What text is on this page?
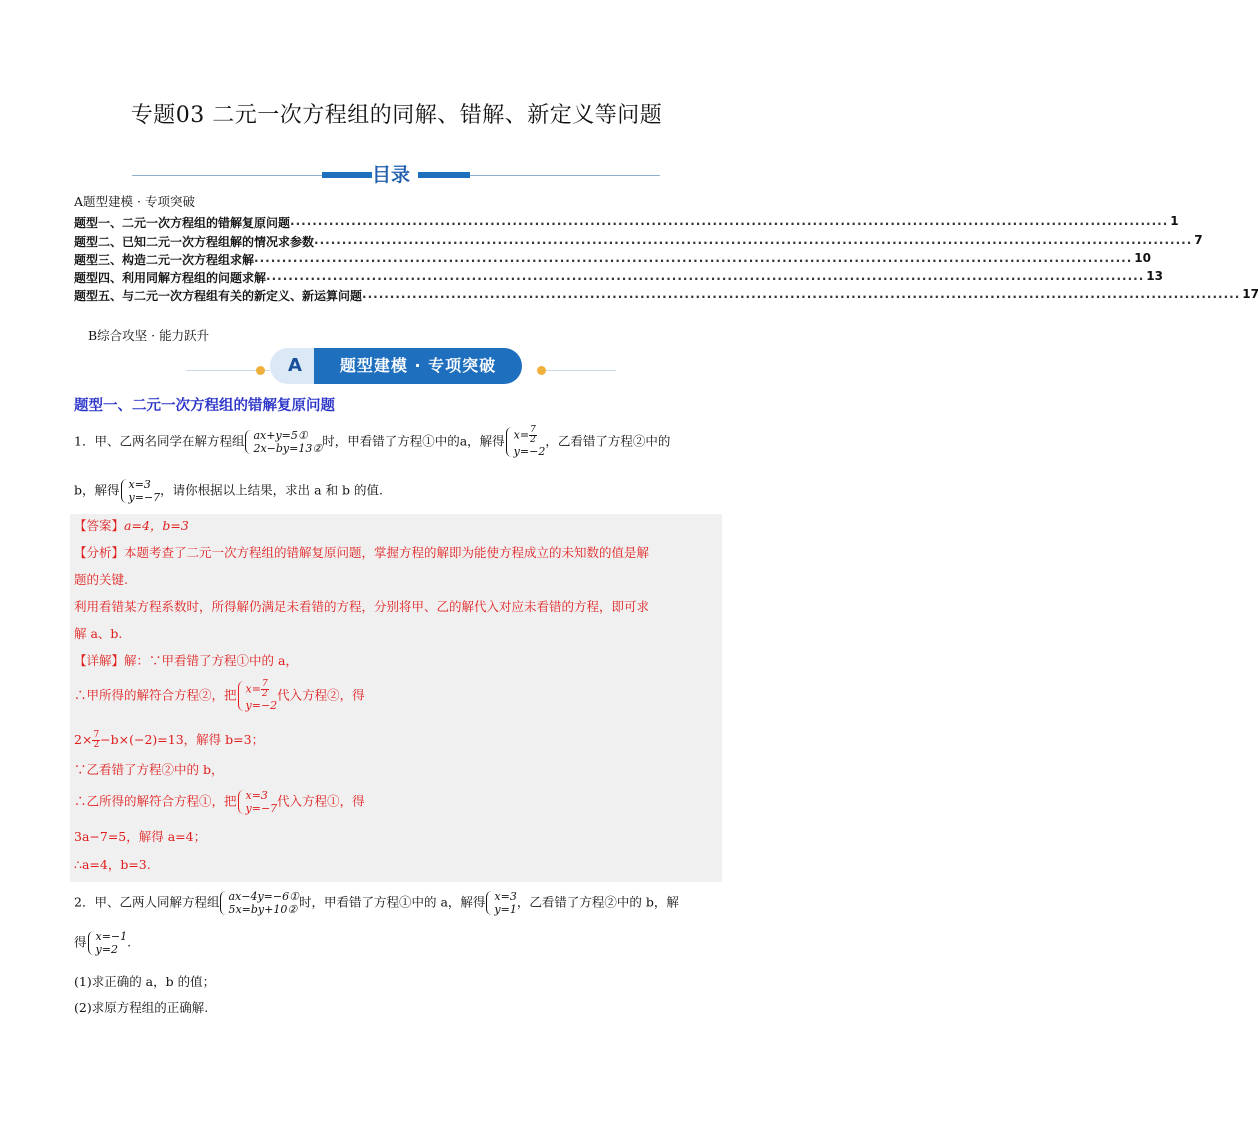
专题03 二元一次方程组的同解、错解、新定义等问题
目录
A题型建模 · 专项突破
题型一、二元一次方程组的错解复原问题 .............................................................................................................................................................. 1
题型二、已知二元一次方程组解的情况求参数 .............................................................................................................................................................. 7
题型三、构造二元一次方程组求解 .............................................................................................................................................................. 10
题型四、利用同解方程组的问题求解 .............................................................................................................................................................. 13
题型五、与二元一次方程组有关的新定义、新运算问题 .............................................................................................................................................................. 17
B综合攻坚 · 能力跃升
A	题型建模 · 专项突破
题型一、二元一次方程组的错解复原问题
1．甲、乙两名同学在解方程组 ax+y=5①
2x−by=13② 时，甲看错了方程①中的a，解得 $x= \frac{7}{2}$
y=−2
，乙看错了方程②中的
b，解得 x=3
y=−7 ，请你根据以上结果，求出 a 和 b 的值.
【答案】a=4，b=3
【分析】本题考查了二元一次方程组的错解复原问题，掌握方程的解即为能使方程成立的未知数的值是解
题的关键.
利用看错某方程系数时，所得解仍满足未看错的方程，分别将甲、乙的解代入对应未看错的方程，即可求
解 a、b.
【详解】解：∵甲看错了方程①中的 a，
∴甲所得的解符合方程②，把 $x= \frac{7}{2}$
y=−2
代入方程②，得
$2\times \frac{7}{2} -b\times(-2)=13$，解得 b=3；
∵乙看错了方程②中的 b，
∴乙所得的解符合方程①，把 x=3
y=−7 代入方程①，得
3a−7=5，解得 a=4；
∴a=4，b=3.
2．甲、乙两人同解方程组 ax−4y=−6①
5x=by+10② 时，甲看错了方程①中的 a，解得 x=3
y=1 ，乙看错了方程②中的 b，解
得 x=−1
y=2 .
(1)求正确的 a，b 的值；
(2)求原方程组的正确解.
